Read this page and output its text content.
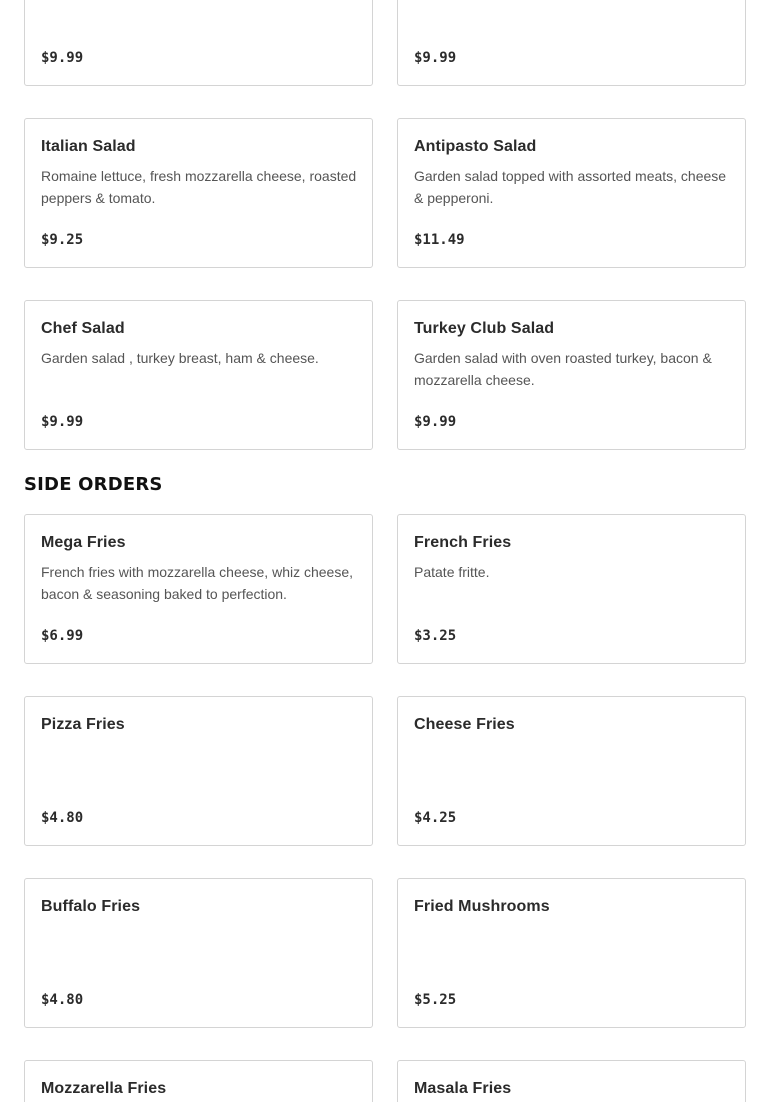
$9.99	$9.99
Italian Salad
Romaine lettuce, fresh mozzarella cheese, roasted peppers & tomato.
$9.25
Antipasto Salad
Garden salad topped with assorted meats, cheese & pepperoni.
$11.49
Chef Salad
Garden salad , turkey breast, ham & cheese.
$9.99
Turkey Club Salad
Garden salad with oven roasted turkey, bacon & mozzarella cheese.
$9.99
SIDE ORDERS
Mega Fries
French fries with mozzarella cheese, whiz cheese, bacon & seasoning baked to perfection.
$6.99
French Fries
Patate fritte.
$3.25
Pizza Fries
$4.80
Cheese Fries
$4.25
Buffalo Fries
$4.80
Fried Mushrooms
$5.25
Mozzarella Fries	Masala Fries
